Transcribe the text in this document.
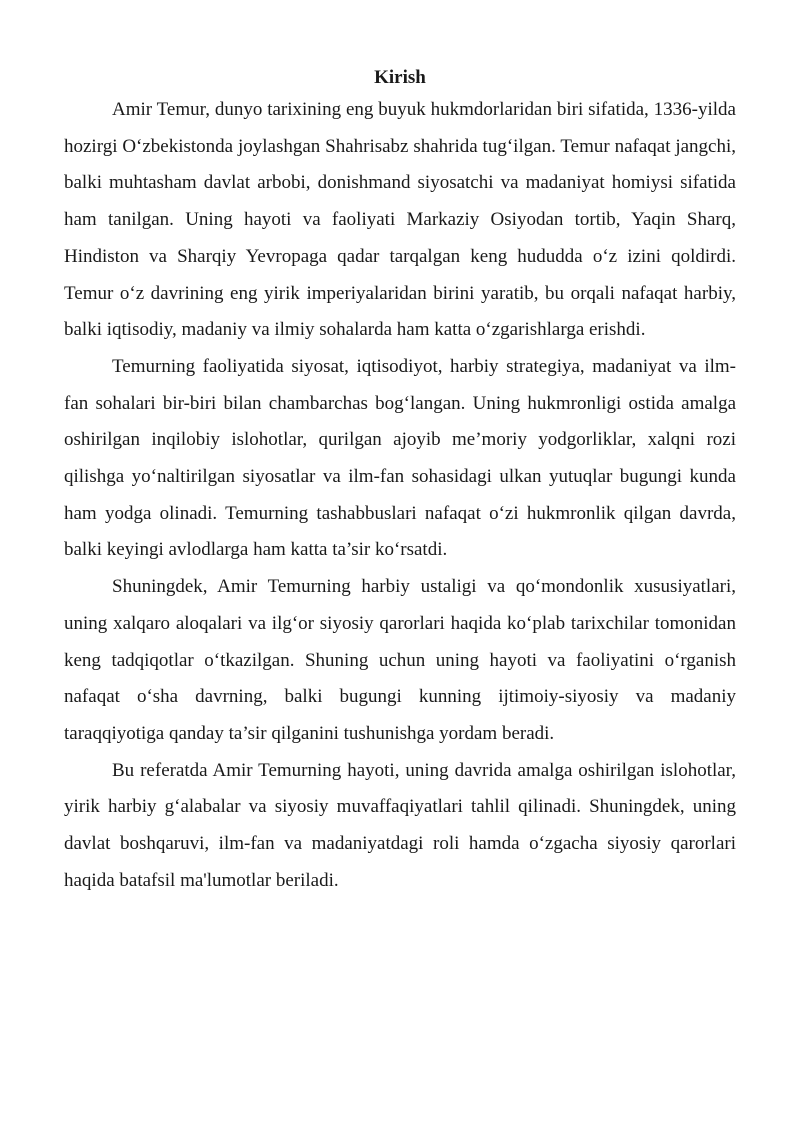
Kirish

Amir Temur, dunyo tarixining eng buyuk hukmdorlaridan biri sifatida, 1336-yilda hozirgi O‘zbekistonda joylashgan Shahrisabz shahrida tug‘ilgan. Temur nafaqat jangchi, balki muhtasham davlat arbobi, donishmand siyosatchi va madaniyat homiysi sifatida ham tanilgan. Uning hayoti va faoliyati Markaziy Osiyodan tortib, Yaqin Sharq, Hindiston va Sharqiy Yevropaga qadar tarqalgan keng hududda o‘z izini qoldirdi. Temur o‘z davrining eng yirik imperiyalaridan birini yaratib, bu orqali nafaqat harbiy, balki iqtisodiy, madaniy va ilmiy sohalarda ham katta o‘zgarishlarga erishdi.

Temurning faoliyatida siyosat, iqtisodiyot, harbiy strategiya, madaniyat va ilm-fan sohalari bir-biri bilan chambarchas bog‘langan. Uning hukmronligi ostida amalga oshirilgan inqilobiy islohotlar, qurilgan ajoyib me’moriy yodgorliklar, xalqni rozi qilishga yo‘naltirilgan siyosatlar va ilm-fan sohasidagi ulkan yutuqlar bugungi kunda ham yodga olinadi. Temurning tashabbuslari nafaqat o‘zi hukmronlik qilgan davrda, balki keyingi avlodlarga ham katta ta’sir ko‘rsatdi.

Shuningdek, Amir Temurning harbiy ustaligi va qo‘mondonlik xususiyatlari, uning xalqaro aloqalari va ilg‘or siyosiy qarorlari haqida ko‘plab tarixchilar tomonidan keng tadqiqotlar o‘tkazilgan. Shuning uchun uning hayoti va faoliyatini o‘rganish nafaqat o‘sha davrning, balki bugungi kunning ijtimoiy-siyosiy va madaniy taraqqiyotiga qanday ta’sir qilganini tushunishga yordam beradi.

Bu referatda Amir Temurning hayoti, uning davrida amalga oshirilgan islohotlar, yirik harbiy g‘alabalar va siyosiy muvaffaqiyatlari tahlil qilinadi. Shuningdek, uning davlat boshqaruvi, ilm-fan va madaniyatdagi roli hamda o‘zgacha siyosiy qarorlari haqida batafsil ma'lumotlar beriladi.
